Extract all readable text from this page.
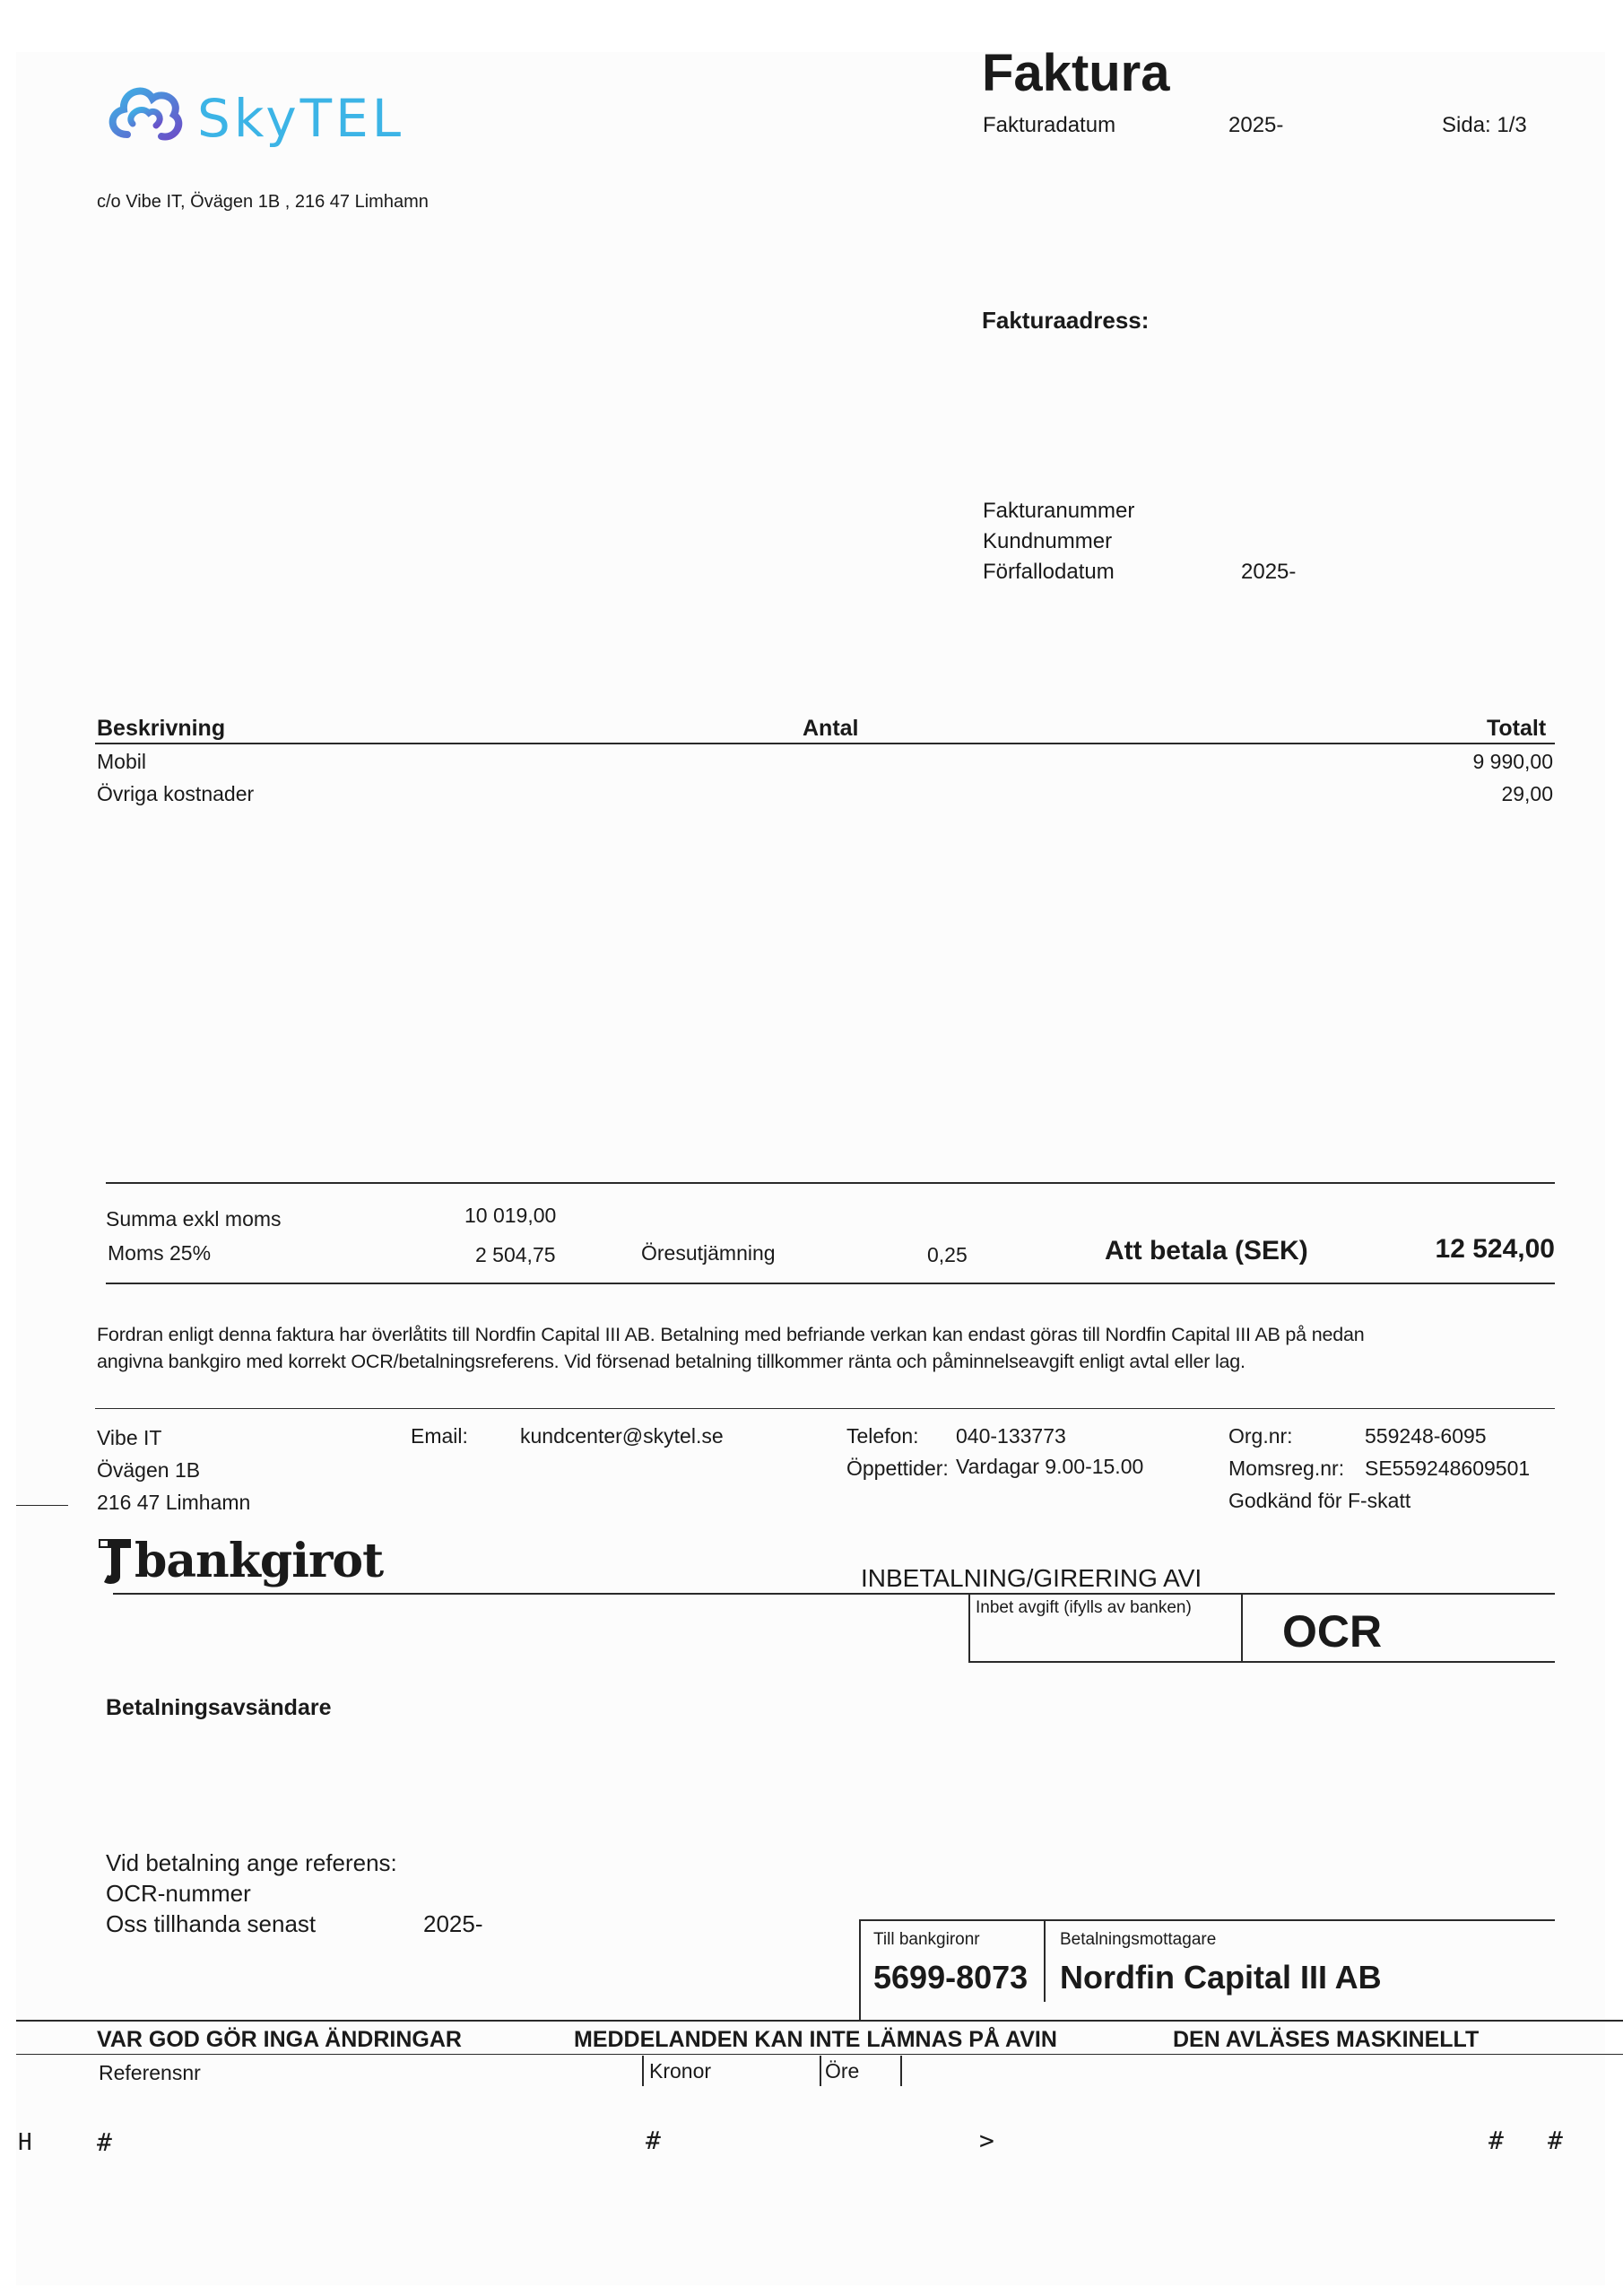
SkyTEL
Faktura
Fakturadatum	2025-	Sida: 1/3
c/o Vibe IT, Övägen 1B , 216 47 Limhamn
Fakturaadress:
Fakturanummer
Kundnummer
Förfallodatum	2025-
Beskrivning	Antal	Totalt
Mobil	9 990,00
Övriga kostnader	29,00
Summa exkl moms	10 019,00
Moms 25%	2 504,75	Öresutjämning	0,25	Att betala (SEK)	12 524,00
Fordran enligt denna faktura har överlåtits till Nordfin Capital III AB. Betalning med befriande verkan kan endast göras till Nordfin Capital III AB på nedan
angivna bankgiro med korrekt OCR/betalningsreferens. Vid försenad betalning tillkommer ränta och påminnelseavgift enligt avtal eller lag.
Vibe IT
Övägen 1B
216 47 Limhamn
Email:	kundcenter@skytel.se	Telefon: 040-133773
Öppettider: Vardagar 9.00-15.00
Org.nr:	559248-6095
Momsreg.nr: SE559248609501
Godkänd för F-skatt
bankgirot	INBETALNING/GIRERING AVI
Inbet avgift (ifylls av banken) OCR
Betalningsavsändare
Vid betalning ange referens:
OCR-nummer
Oss tillhanda senast	2025-
Till bankgironr
5699-8073
Betalningsmottagare
Nordfin Capital III AB
VAR GOD GÖR INGA ÄNDRINGAR	MEDDELANDEN KAN INTE LÄMNAS PÅ AVIN	DEN AVLÄSES MASKINELLT
Referensnr	Kronor	Öre
H	#	#	>	# #
